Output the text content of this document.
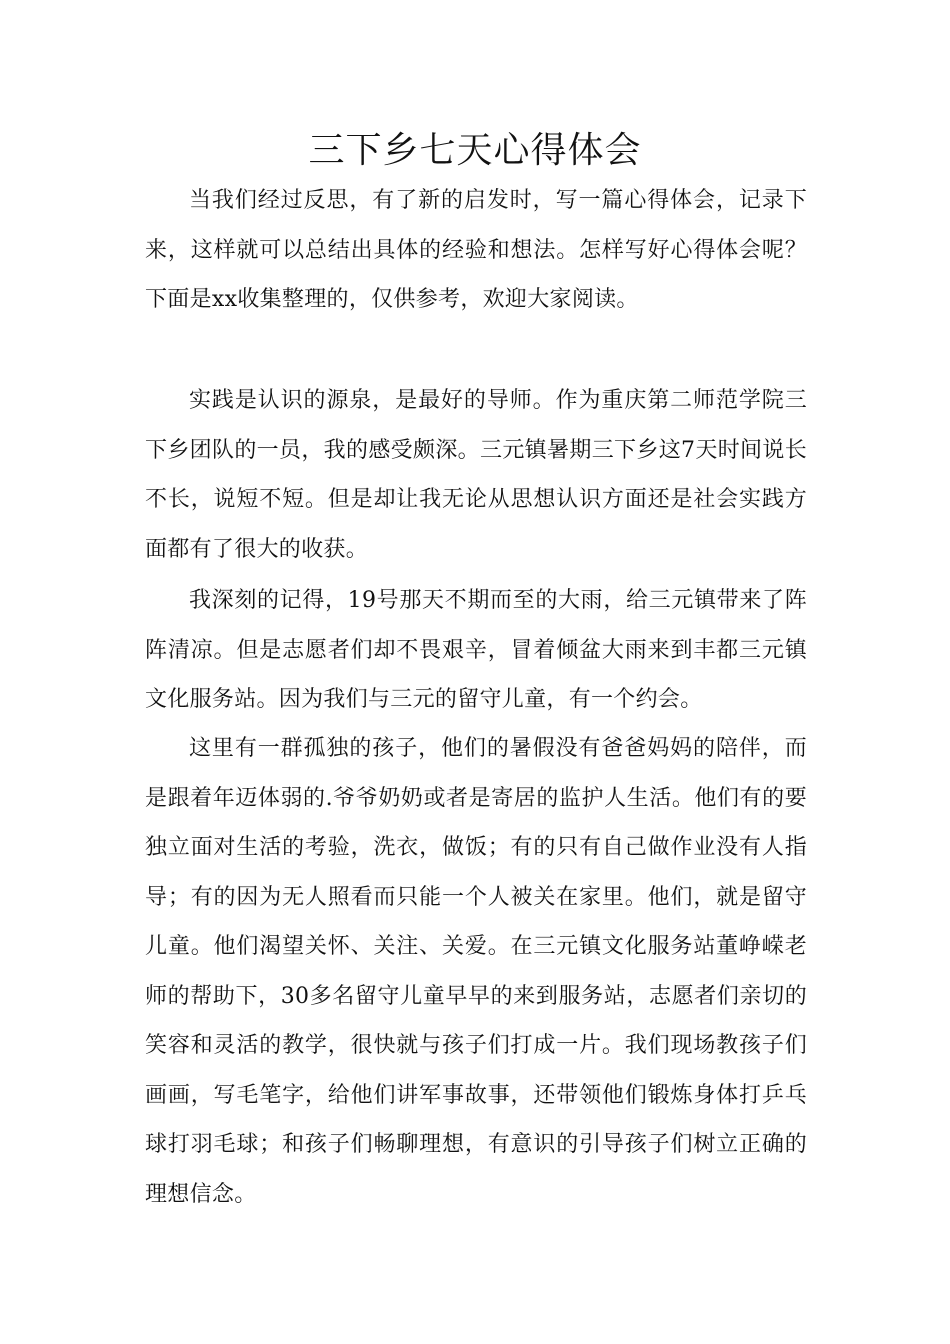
三下乡七天心得体会

当我们经过反思，有了新的启发时，写一篇心得体会，记录下来，这样就可以总结出具体的经验和想法。怎样写好心得体会呢？下面是xx收集整理的，仅供参考，欢迎大家阅读。

实践是认识的源泉，是最好的导师。作为重庆第二师范学院三下乡团队的一员，我的感受颇深。三元镇暑期三下乡这7天时间说长不长，说短不短。但是却让我无论从思想认识方面还是社会实践方面都有了很大的收获。

我深刻的记得，19号那天不期而至的大雨，给三元镇带来了阵阵清凉。但是志愿者们却不畏艰辛，冒着倾盆大雨来到丰都三元镇文化服务站。因为我们与三元的留守儿童，有一个约会。

这里有一群孤独的孩子，他们的暑假没有爸爸妈妈的陪伴，而是跟着年迈体弱的.爷爷奶奶或者是寄居的监护人生活。他们有的要独立面对生活的考验，洗衣，做饭；有的只有自己做作业没有人指导；有的因为无人照看而只能一个人被关在家里。他们，就是留守儿童。他们渴望关怀、关注、关爱。在三元镇文化服务站董峥嵘老师的帮助下，30多名留守儿童早早的来到服务站，志愿者们亲切的笑容和灵活的教学，很快就与孩子们打成一片。我们现场教孩子们画画，写毛笔字，给他们讲军事故事，还带领他们锻炼身体打乒乓球打羽毛球；和孩子们畅聊理想，有意识的引导孩子们树立正确的理想信念。
